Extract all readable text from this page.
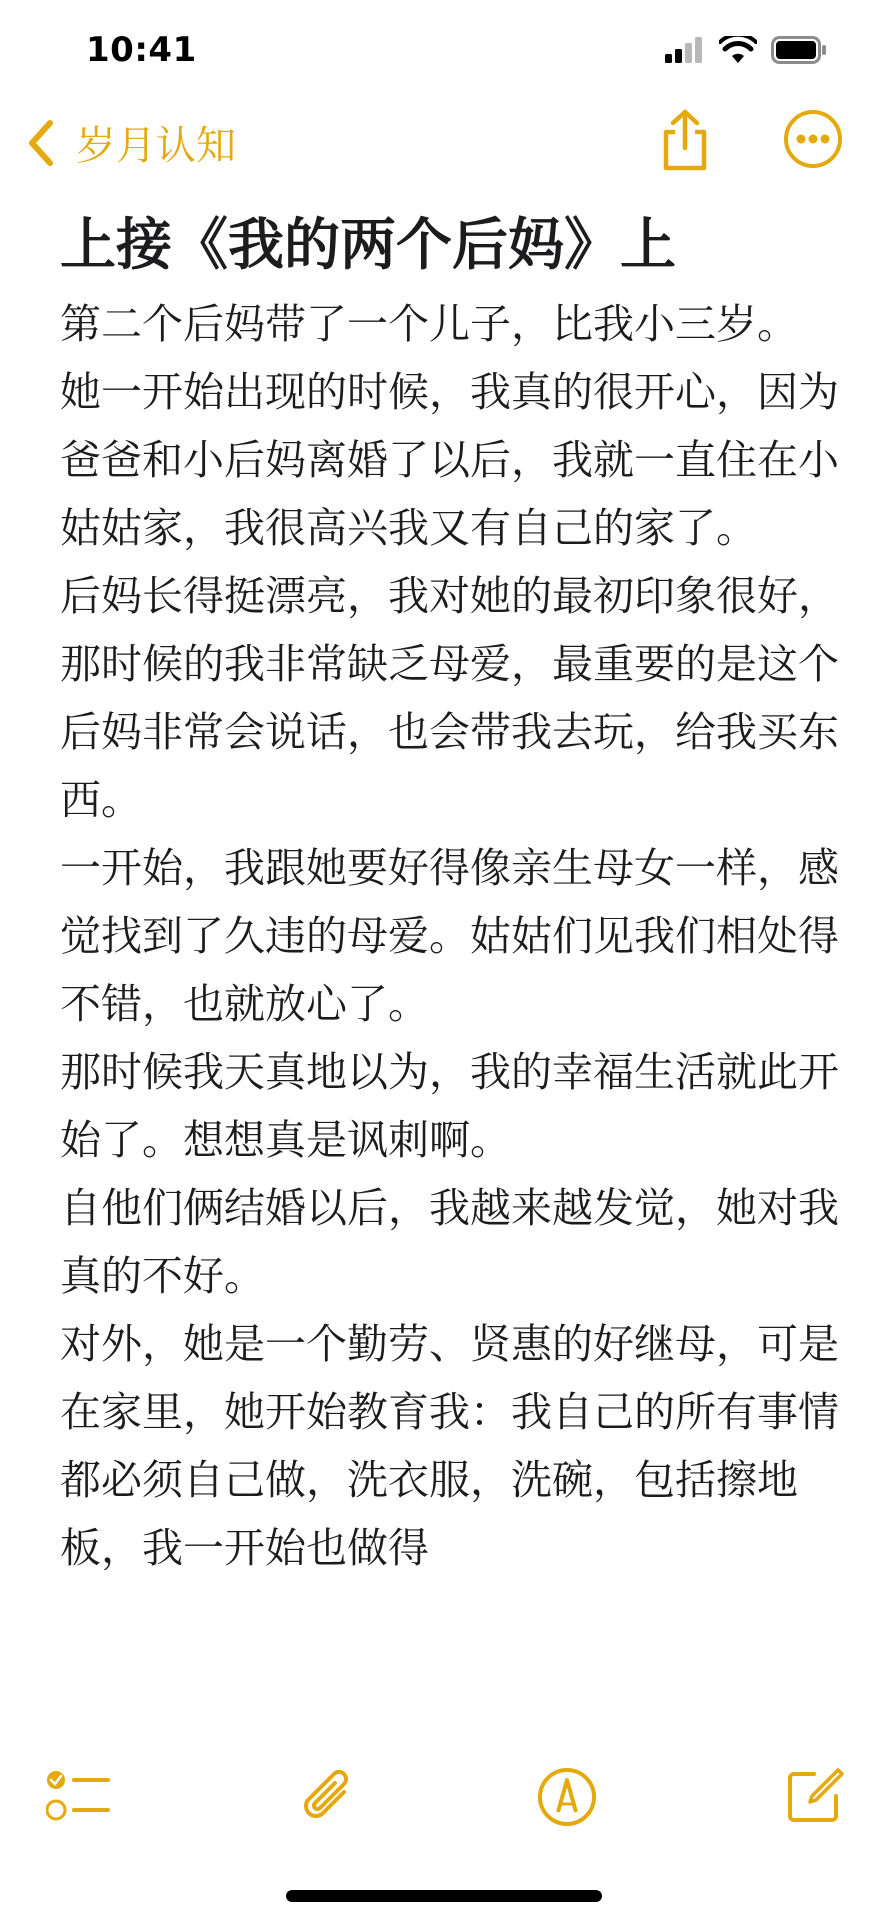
10:41
岁月认知
上接《我的两个后妈》上
第二个后妈带了一个儿子，比我小三岁。
她一开始出现的时候，我真的很开心，因为爸爸和小后妈离婚了以后，我就一直住在小姑姑家，我很高兴我又有自己的家了。
后妈长得挺漂亮，我对她的最初印象很好，那时候的我非常缺乏母爱，最重要的是这个后妈非常会说话，也会带我去玩，给我买东西。
一开始，我跟她要好得像亲生母女一样，感觉找到了久违的母爱。姑姑们见我们相处得不错，也就放心了。
那时候我天真地以为，我的幸福生活就此开始了。想想真是讽刺啊。
自他们俩结婚以后，我越来越发觉，她对我真的不好。
对外，她是一个勤劳、贤惠的好继母，可是在家里，她开始教育我：我自己的所有事情都必须自己做，洗衣服，洗碗，包括擦地板，我一开始也做得
